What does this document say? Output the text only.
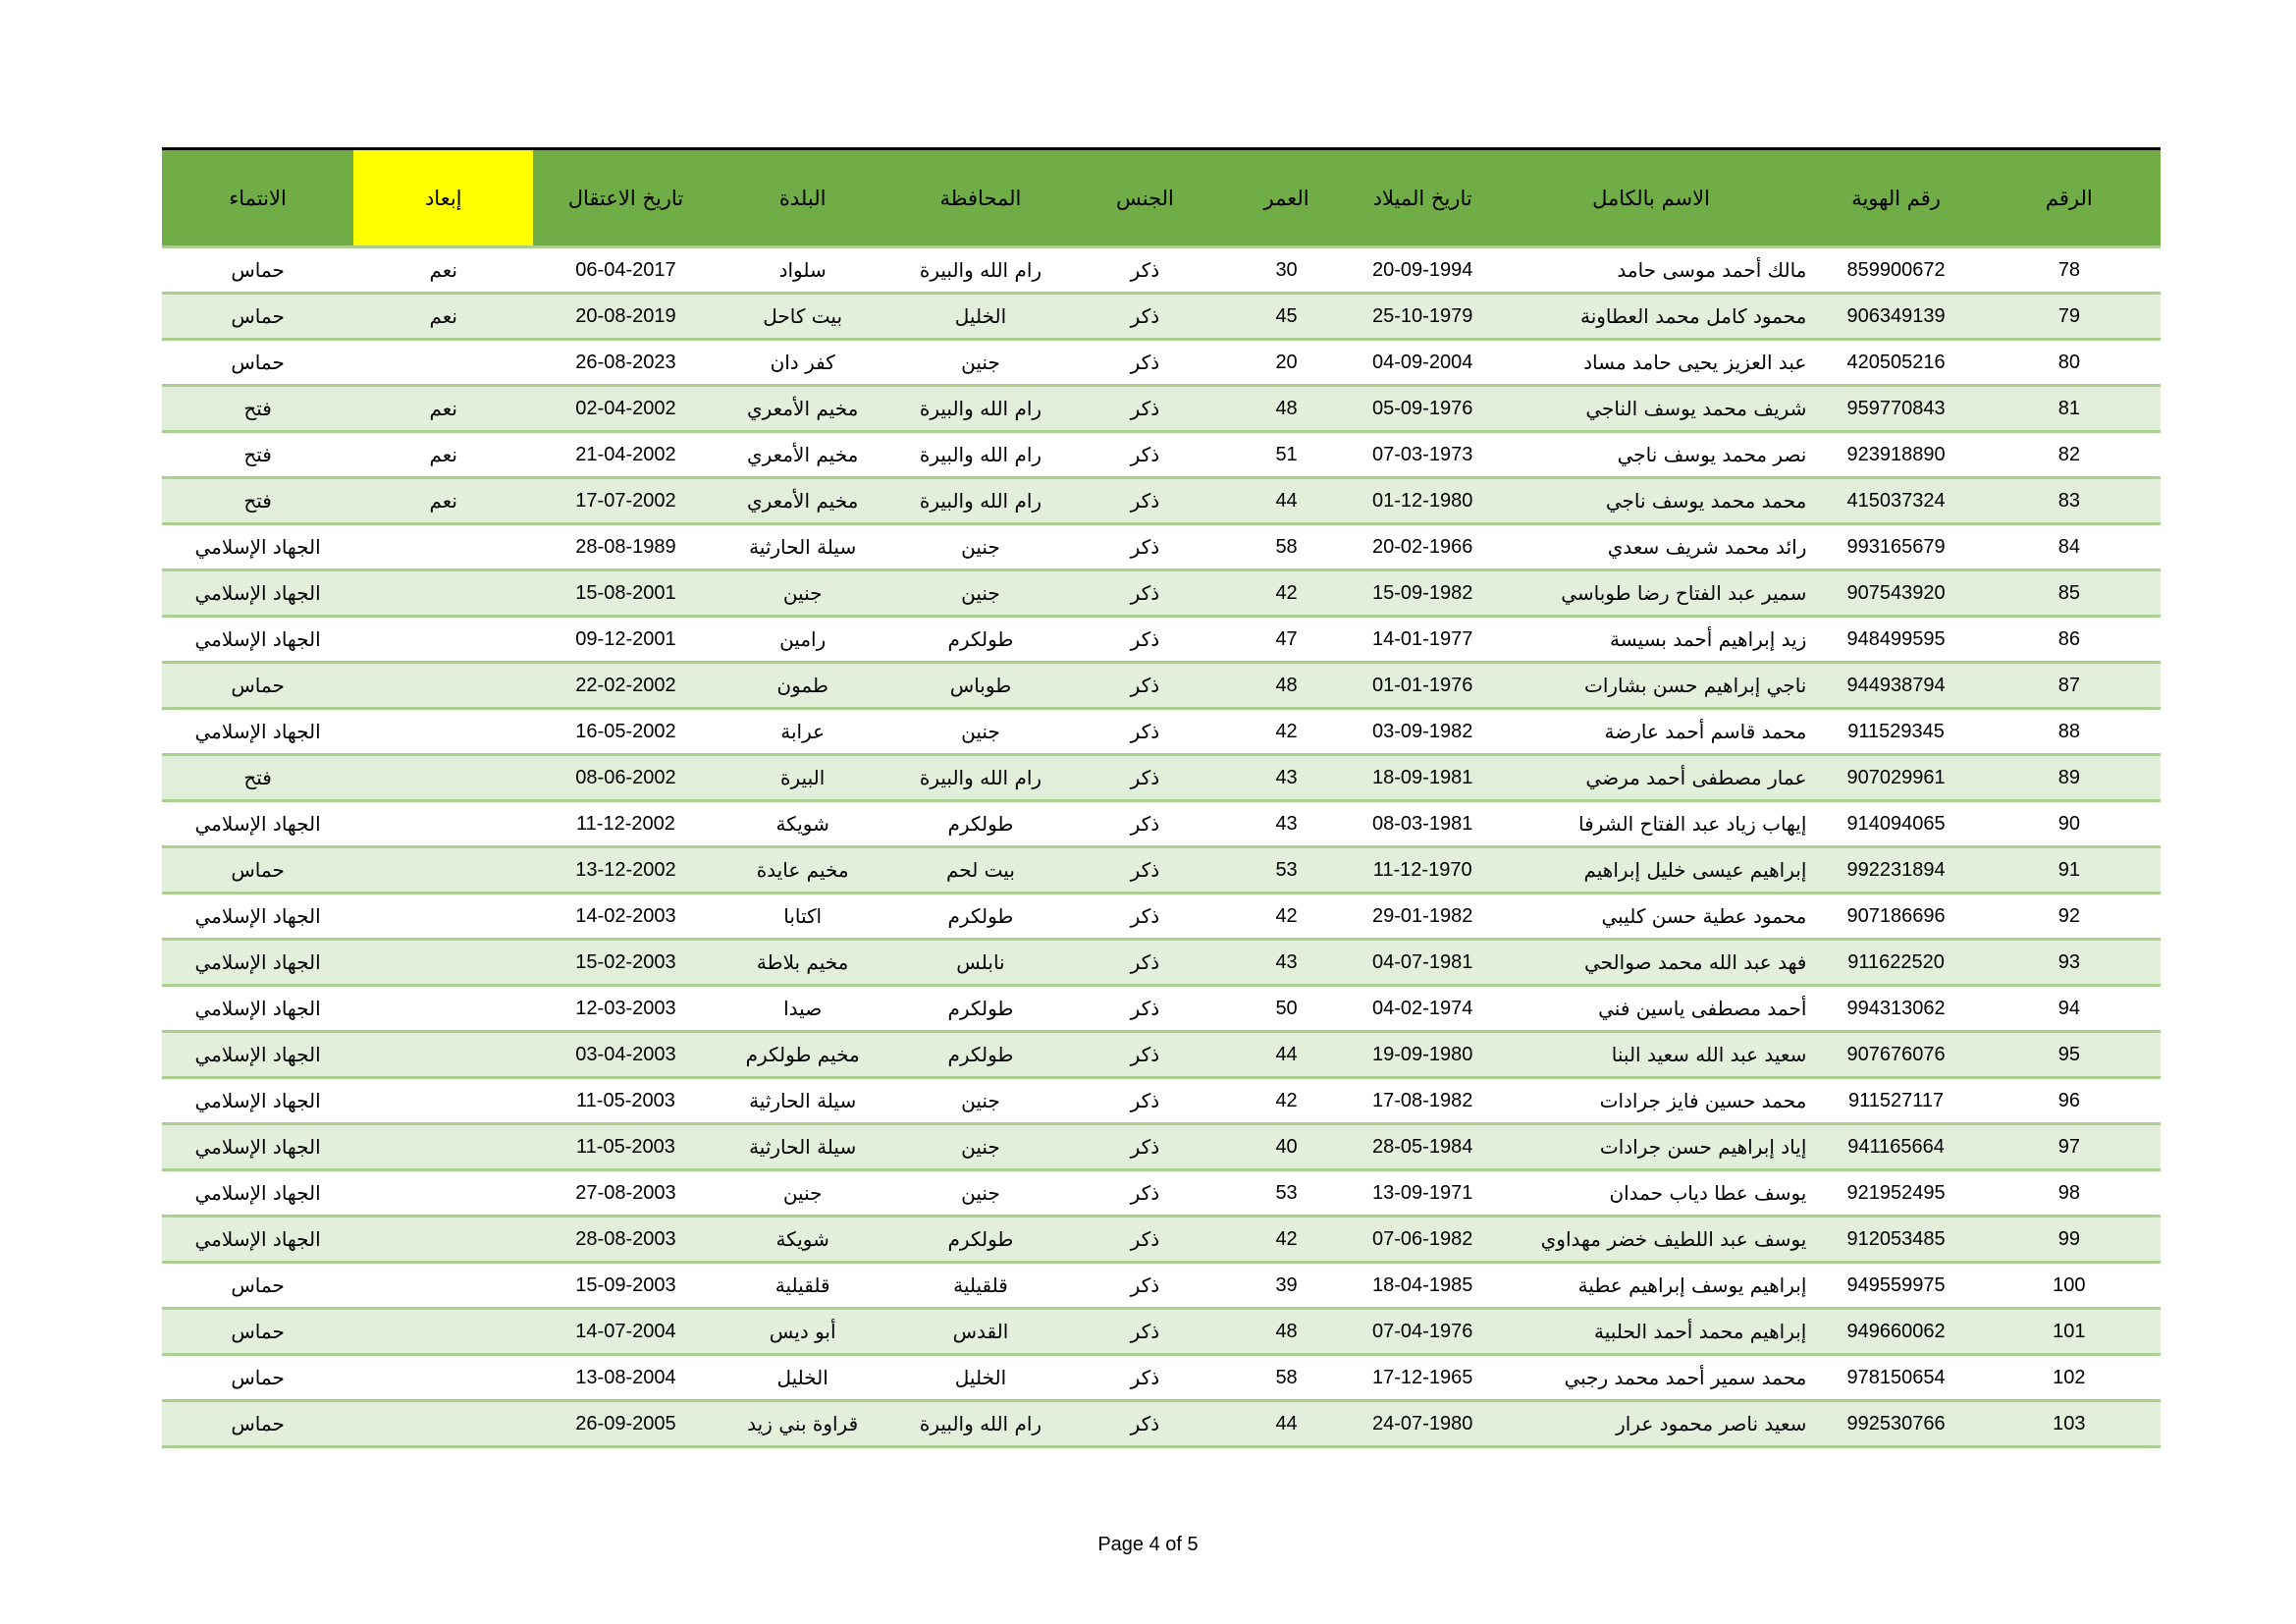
الرقم	رقم الهوية	الاسم بالكامل	تاريخ الميلاد	العمر	الجنس	المحافظة	البلدة	تاريخ الاعتقال	إبعاد	الانتماء
78	859900672	مالك أحمد موسى حامد	20-09-1994	30	ذكر	رام الله والبيرة	سلواد	06-04-2017	نعم	حماس
79	906349139	محمود كامل محمد العطاونة	25-10-1979	45	ذكر	الخليل	بيت كاحل	20-08-2019	نعم	حماس
80	420505216	عبد العزيز يحيى حامد مساد	04-09-2004	20	ذكر	جنين	كفر دان	26-08-2023		حماس
81	959770843	شريف محمد يوسف الناجي	05-09-1976	48	ذكر	رام الله والبيرة	مخيم الأمعري	02-04-2002	نعم	فتح
82	923918890	نصر محمد يوسف ناجي	07-03-1973	51	ذكر	رام الله والبيرة	مخيم الأمعري	21-04-2002	نعم	فتح
83	415037324	محمد محمد يوسف ناجي	01-12-1980	44	ذكر	رام الله والبيرة	مخيم الأمعري	17-07-2002	نعم	فتح
84	993165679	رائد محمد شريف سعدي	20-02-1966	58	ذكر	جنين	سيلة الحارثية	28-08-1989		الجهاد الإسلامي
85	907543920	سمير عبد الفتاح رضا طوباسي	15-09-1982	42	ذكر	جنين	جنين	15-08-2001		الجهاد الإسلامي
86	948499595	زيد إبراهيم أحمد بسيسة	14-01-1977	47	ذكر	طولكرم	رامين	09-12-2001		الجهاد الإسلامي
87	944938794	ناجي إبراهيم حسن بشارات	01-01-1976	48	ذكر	طوباس	طمون	22-02-2002		حماس
88	911529345	محمد قاسم أحمد عارضة	03-09-1982	42	ذكر	جنين	عرابة	16-05-2002		الجهاد الإسلامي
89	907029961	عمار مصطفى أحمد مرضي	18-09-1981	43	ذكر	رام الله والبيرة	البيرة	08-06-2002		فتح
90	914094065	إيهاب زياد عبد الفتاح الشرفا	08-03-1981	43	ذكر	طولكرم	شويكة	11-12-2002		الجهاد الإسلامي
91	992231894	إبراهيم عيسى خليل إبراهيم	11-12-1970	53	ذكر	بيت لحم	مخيم عايدة	13-12-2002		حماس
92	907186696	محمود عطية حسن كليبي	29-01-1982	42	ذكر	طولكرم	اكتابا	14-02-2003		الجهاد الإسلامي
93	911622520	فهد عبد الله محمد صوالحي	04-07-1981	43	ذكر	نابلس	مخيم بلاطة	15-02-2003		الجهاد الإسلامي
94	994313062	أحمد مصطفى ياسين فني	04-02-1974	50	ذكر	طولكرم	صيدا	12-03-2003		الجهاد الإسلامي
95	907676076	سعيد عبد الله سعيد البنا	19-09-1980	44	ذكر	طولكرم	مخيم طولكرم	03-04-2003		الجهاد الإسلامي
96	911527117	محمد حسين فايز جرادات	17-08-1982	42	ذكر	جنين	سيلة الحارثية	11-05-2003		الجهاد الإسلامي
97	941165664	إياد إبراهيم حسن جرادات	28-05-1984	40	ذكر	جنين	سيلة الحارثية	11-05-2003		الجهاد الإسلامي
98	921952495	يوسف عطا دياب حمدان	13-09-1971	53	ذكر	جنين	جنين	27-08-2003		الجهاد الإسلامي
99	912053485	يوسف عبد اللطيف خضر مهداوي	07-06-1982	42	ذكر	طولكرم	شويكة	28-08-2003		الجهاد الإسلامي
100	949559975	إبراهيم يوسف إبراهيم عطية	18-04-1985	39	ذكر	قلقيلية	قلقيلية	15-09-2003		حماس
101	949660062	إبراهيم محمد أحمد الحلبية	07-04-1976	48	ذكر	القدس	أبو ديس	14-07-2004		حماس
102	978150654	محمد سمير أحمد محمد رجبي	17-12-1965	58	ذكر	الخليل	الخليل	13-08-2004		حماس
103	992530766	سعيد ناصر محمود عرار	24-07-1980	44	ذكر	رام الله والبيرة	قراوة بني زيد	26-09-2005		حماس
Page 4 of 5
